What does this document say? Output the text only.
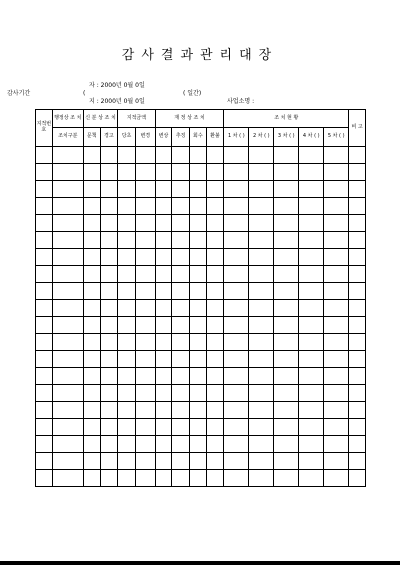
감사결과관리대장
자 : 2000년 0월 0일
감사기간	(	( 일간)
지 : 2000년 0월 0일	사업소명 :
지적번호	행정상 조 치	신 분 상 조 치		지적금액		재 정 상 조 치				조 치 현 황					비 고
	조치구분	문책	경고	당초	변경	변상	추징	회수	환불	1 차 ( )	2 차 ( )	3 차 ( )	4 차 ( )	5 차 ( )	
